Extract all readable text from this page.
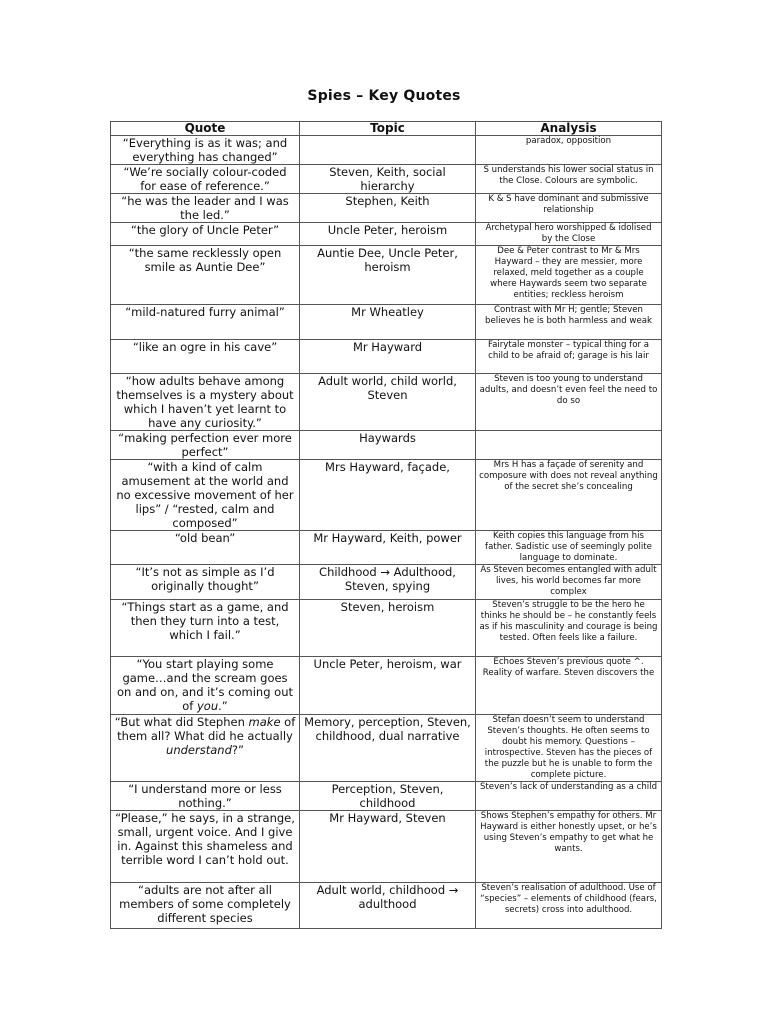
Spies – Key Quotes
Quote	Topic	Analysis
“Everything is as it was; and everything has changed”		paradox, opposition
“We’re socially colour-coded for ease of reference.”	Steven, Keith, social hierarchy	S understands his lower social status in the Close. Colours are symbolic.
“he was the leader and I was the led.”	Stephen, Keith	K & S have dominant and submissive relationship
“the glory of Uncle Peter”	Uncle Peter, heroism	Archetypal hero worshipped & idolised by the Close
“the same recklessly open smile as Auntie Dee”	Auntie Dee, Uncle Peter, heroism	Dee & Peter contrast to Mr & Mrs Hayward – they are messier, more relaxed, meld together as a couple where Haywards seem two separate entities; reckless heroism
“mild-natured furry animal”	Mr Wheatley	Contrast with Mr H; gentle; Steven believes he is both harmless and weak
“like an ogre in his cave”	Mr Hayward	Fairytale monster – typical thing for a child to be afraid of; garage is his lair
“how adults behave among themselves is a mystery about which I haven’t yet learnt to have any curiosity.”	Adult world, child world, Steven	Steven is too young to understand adults, and doesn’t even feel the need to do so
“making perfection ever more perfect”	Haywards	
“with a kind of calm amusement at the world and no excessive movement of her lips” / “rested, calm and composed”	Mrs Hayward, façade,	Mrs H has a façade of serenity and composure with does not reveal anything of the secret she’s concealing
“old bean”	Mr Hayward, Keith, power	Keith copies this language from his father. Sadistic use of seemingly polite language to dominate.
“It’s not as simple as I’d originally thought”	Childhood → Adulthood, Steven, spying	As Steven becomes entangled with adult lives, his world becomes far more complex
“Things start as a game, and then they turn into a test, which I fail.”	Steven, heroism	Steven’s struggle to be the hero he thinks he should be – he constantly feels as if his masculinity and courage is being tested. Often feels like a failure.
“You start playing some game…and the scream goes on and on, and it’s coming out of you.”	Uncle Peter, heroism, war	Echoes Steven’s previous quote ^. Reality of warfare. Steven discovers the
“But what did Stephen make of them all? What did he actually understand?”	Memory, perception, Steven, childhood, dual narrative	Stefan doesn’t seem to understand Steven’s thoughts. He often seems to doubt his memory. Questions – introspective. Steven has the pieces of the puzzle but he is unable to form the complete picture.
“I understand more or less nothing.”	Perception, Steven, childhood	Steven’s lack of understanding as a child
“Please,” he says, in a strange, small, urgent voice. And I give in. Against this shameless and terrible word I can’t hold out.	Mr Hayward, Steven	Shows Stephen’s empathy for others. Mr Hayward is either honestly upset, or he’s using Steven’s empathy to get what he wants.
“adults are not after all members of some completely different species	Adult world, childhood → adulthood	Steven’s realisation of adulthood. Use of “species” – elements of childhood (fears, secrets) cross into adulthood.
